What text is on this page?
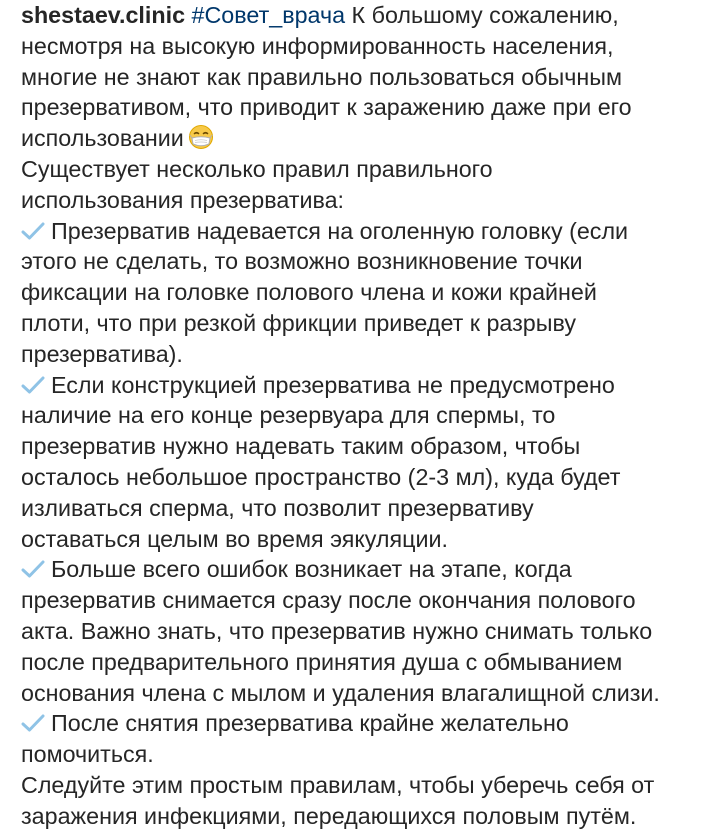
shestaev.clinic #Совет_врача К большому сожалению,
несмотря на высокую информированность населения,
многие не знают как правильно пользоваться обычным
презервативом, что приводит к заражению даже при его
использовании
Существует несколько правил правильного
использования презерватива:
Презерватив надевается на оголенную головку (если
этого не сделать, то возможно возникновение точки
фиксации на головке полового члена и кожи крайней
плоти, что при резкой фрикции приведет к разрыву
презерватива).
Если конструкцией презерватива не предусмотрено
наличие на его конце резервуара для спермы, то
презерватив нужно надевать таким образом, чтобы
осталось небольшое пространство (2-3 мл), куда будет
изливаться сперма, что позволит презервативу
оставаться целым во время эякуляции.
Больше всего ошибок возникает на этапе, когда
презерватив снимается сразу после окончания полового
акта. Важно знать, что презерватив нужно снимать только
после предварительного принятия душа с обмыванием
основания члена с мылом и удаления влагалищной слизи.
После снятия презерватива крайне желательно
помочиться.
Следуйте этим простым правилам, чтобы уберечь себя от
заражения инфекциями, передающихся половым путём.
